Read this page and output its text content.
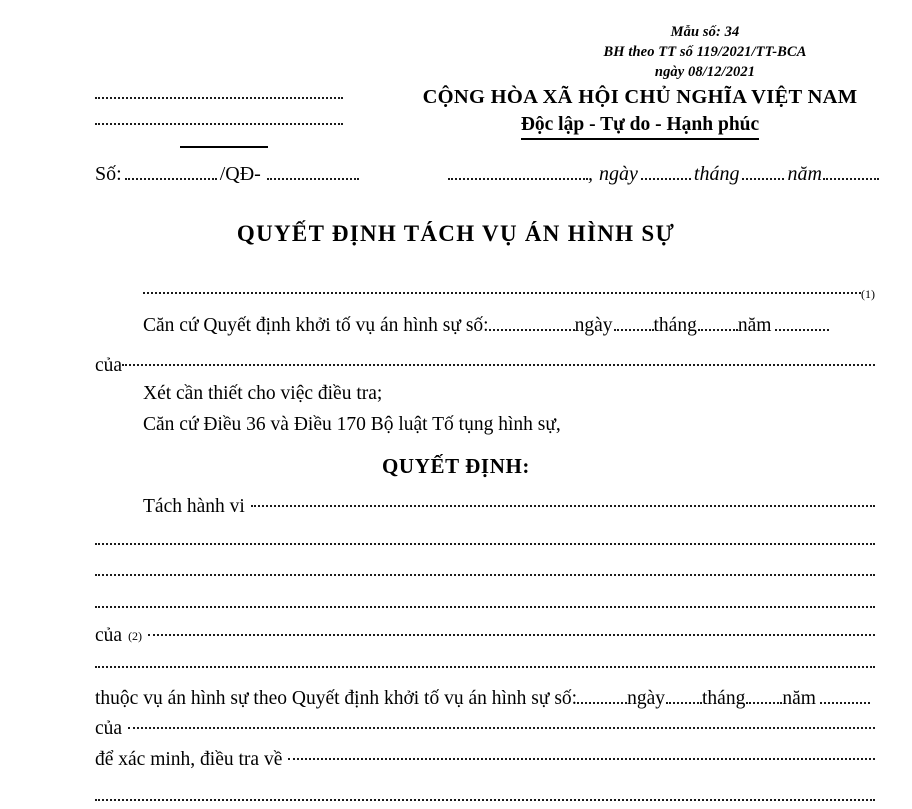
Mẫu số: 34
BH theo TT số 119/2021/TT-BCA
ngày 08/12/2021
CỘNG HÒA XÃ HỘI CHỦ NGHĨA VIỆT NAM
Độc lập - Tự do - Hạnh phúc
Số:	/QĐ-	, ngày	tháng năm
QUYẾT ĐỊNH TÁCH VỤ ÁN HÌNH SỰ
(1)
Căn cứ Quyết định khởi tố vụ án hình sự số:	ngày tháng năm
của
Xét cần thiết cho việc điều tra;
Căn cứ Điều 36 và Điều 170 Bộ luật Tố tụng hình sự,
QUYẾT ĐỊNH:
Tách hành vi
của (2)
thuộc vụ án hình sự theo Quyết định khởi tố vụ án hình sự số:	ngày tháng năm
của
để xác minh, điều tra về
